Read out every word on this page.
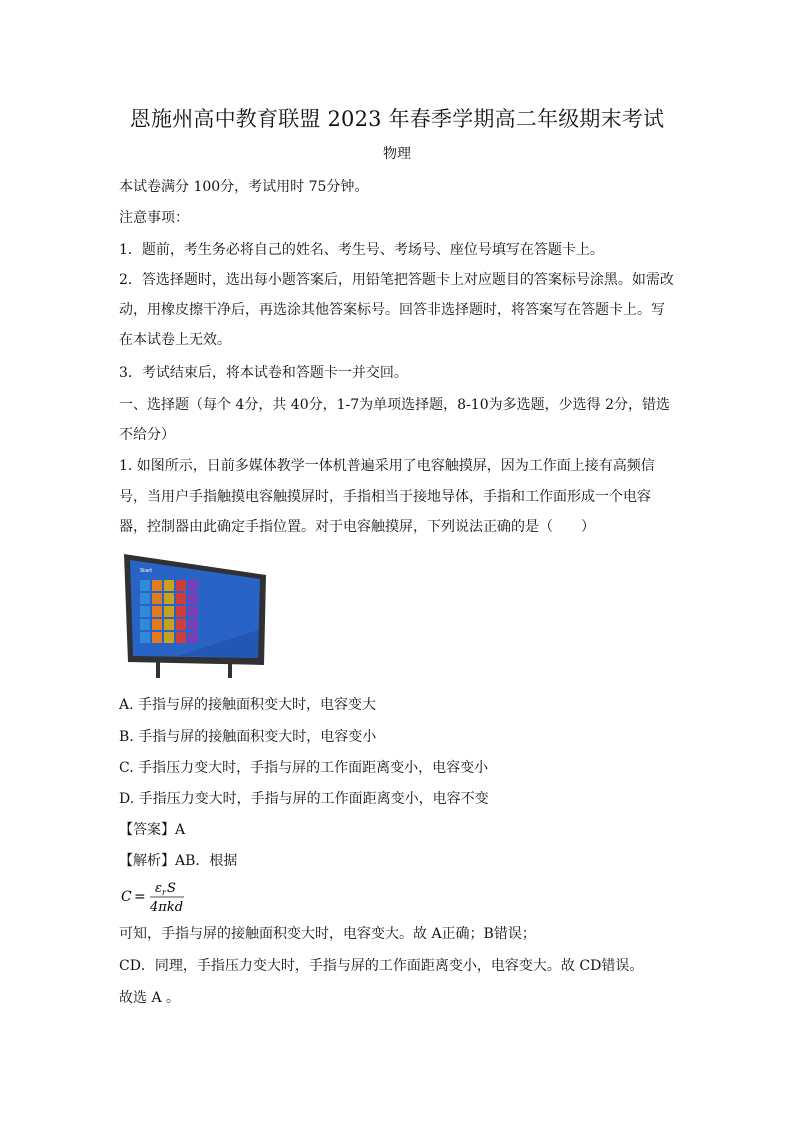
恩施州高中教育联盟 2023 年春季学期高二年级期末考试
物理
本试卷满分 100分，考试用时 75分钟。
注意事项：
1．题前，考生务必将自己的姓名、考生号、考场号、座位号填写在答题卡上。
2．答选择题时，选出每小题答案后，用铅笔把答题卡上对应题目的答案标号涂黑。如需改
动，用橡皮擦干净后，再选涂其他答案标号。回答非选择题时，将答案写在答题卡上。写
在本试卷上无效。
3．考试结束后，将本试卷和答题卡一并交回。
一、选择题（每个 4分，共 40分，1-7为单项选择题，8-10为多选题，少选得 2分，错选
不给分）
1. 如图所示，日前多媒体教学一体机普遍采用了电容触摸屏，因为工作面上接有高频信
号，当用户手指触摸电容触摸屏时，手指相当于接地导体，手指和工作面形成一个电容
器，控制器由此确定手指位置。对于电容触摸屏，下列说法正确的是（　　）
Start
A. 手指与屏的接触面积变大时，电容变大
B. 手指与屏的接触面积变大时，电容变小
C. 手指压力变大时，手指与屏的工作面距离变小，电容变小
D. 手指压力变大时，手指与屏的工作面距离变小，电容不变
【答案】A
【解析】AB．根据
C =
ε r S
4πkd
可知，手指与屏的接触面积变大时，电容变大。故 A正确；B错误；
CD．同理，手指压力变大时，手指与屏的工作面距离变小，电容变大。故 CD错误。
故选 A 。
